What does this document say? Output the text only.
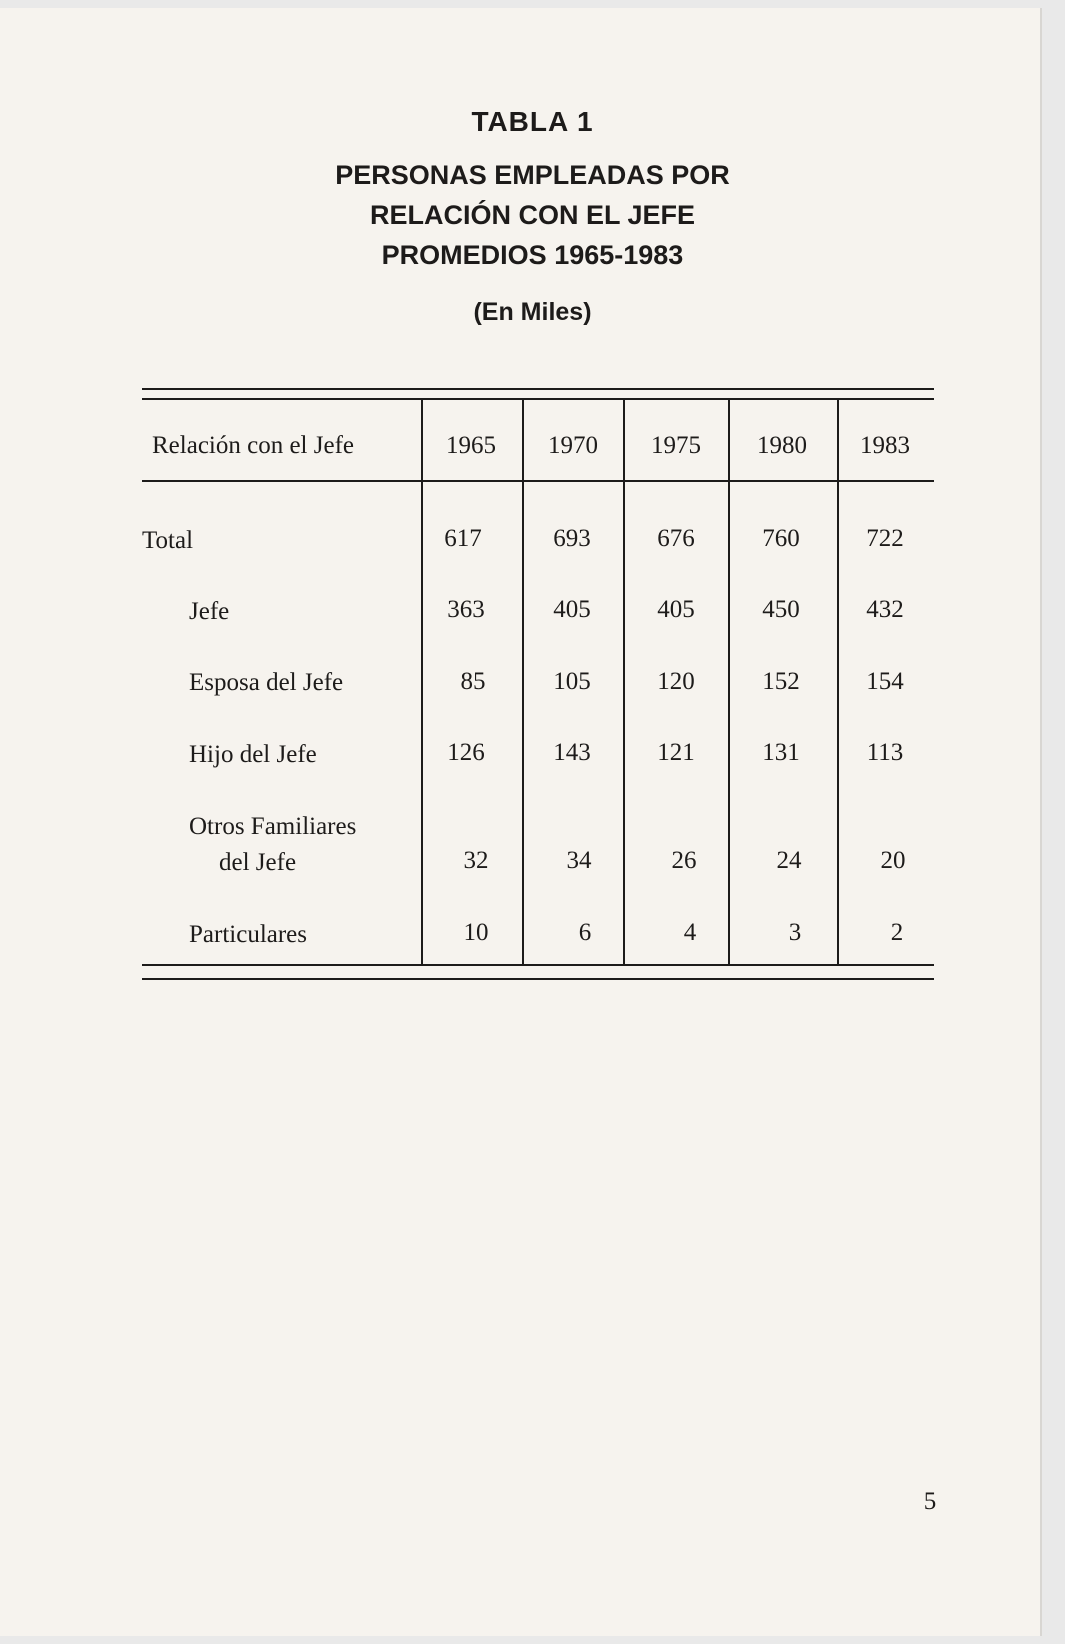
TABLA 1
PERSONAS EMPLEADAS POR
RELACIÓN CON EL JEFE
PROMEDIOS 1965-1983
(En Miles)
Relación con el Jefe	1965	1970	1975	1980	1983
Total	617	693	676	760	722
Jefe	363	405	405	450	432
Esposa del Jefe	85	105	120	152	154
Hijo del Jefe	126	143	121	131	113
Otros Familiares
del Jefe	32	34	26	24	20
Particulares	10	6	4	3	2
5
